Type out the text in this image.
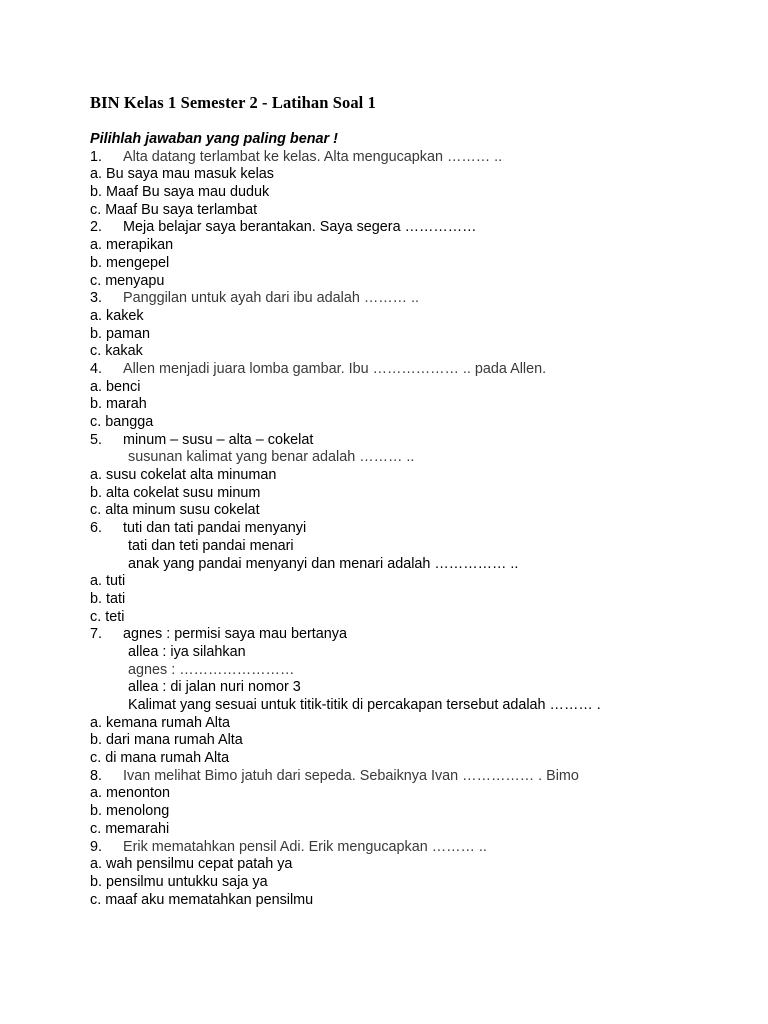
BIN Kelas 1 Semester 2 - Latihan Soal 1
Pilihlah jawaban yang paling benar !
1. Alta datang terlambat ke kelas. Alta mengucapkan ……… ..
a. Bu saya mau masuk kelas
b. Maaf Bu saya mau duduk
c. Maaf Bu saya terlambat
2. Meja belajar saya berantakan. Saya segera ……………
a. merapikan
b. mengepel
c. menyapu
3. Panggilan untuk ayah dari ibu adalah ……… ..
a. kakek
b. paman
c. kakak
4. Allen menjadi juara lomba gambar. Ibu ……………… .. pada Allen.
a. benci
b. marah
c. bangga
5. minum – susu – alta – cokelat
susunan kalimat yang benar adalah ……… ..
a. susu cokelat alta minuman
b. alta cokelat susu minum
c. alta minum susu cokelat
6. tuti dan tati pandai menyanyi
tati dan teti pandai menari
anak yang pandai menyanyi dan menari adalah …………… ..
a. tuti
b. tati
c. teti
7. agnes : permisi saya mau bertanya
allea : iya silahkan
agnes : ……………………
allea : di jalan nuri nomor 3
Kalimat yang sesuai untuk titik-titik di percakapan tersebut adalah ……… .
a. kemana rumah Alta
b. dari mana rumah Alta
c. di mana rumah Alta
8. Ivan melihat Bimo jatuh dari sepeda. Sebaiknya Ivan …………… . Bimo
a. menonton
b. menolong
c. memarahi
9. Erik mematahkan pensil Adi. Erik mengucapkan ……… ..
a. wah pensilmu cepat patah ya
b. pensilmu untukku saja ya
c. maaf aku mematahkan pensilmu
